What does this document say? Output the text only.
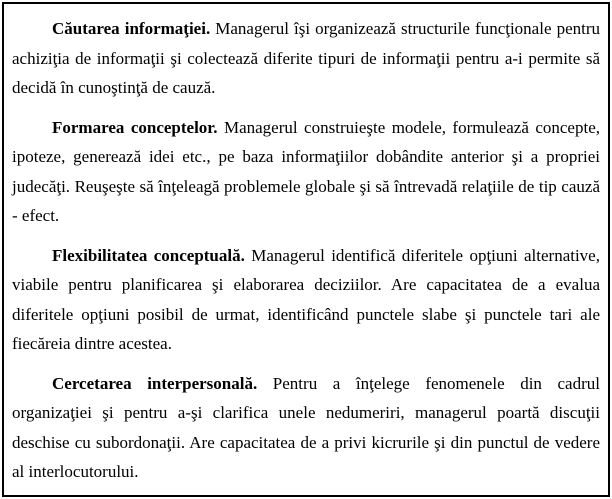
Căutarea informaţiei. Managerul îşi organizează structurile funcţionale pentru achiziţia de informaţii şi colectează diferite tipuri de informaţii pentru a-i permite să decidă în cunoştinţă de cauză.

Formarea conceptelor. Managerul construieşte modele, formulează concepte, ipoteze, generează idei etc., pe baza informaţiilor dobândite anterior şi a propriei judecăţi. Reuşeşte să înţeleagă problemele globale şi să întrevadă relaţiile de tip cauză - efect.

Flexibilitatea conceptuală. Managerul identifică diferitele opţiuni alternative, viabile pentru planificarea şi elaborarea deciziilor. Are capacitatea de a evalua diferitele opţiuni posibil de urmat, identificând punctele slabe şi punctele tari ale fiecăreia dintre acestea.

Cercetarea interpersonală. Pentru a înţelege fenomenele din cadrul organizaţiei şi pentru a-şi clarifica unele nedumeriri, managerul poartă discuţii deschise cu subordonaţii. Are capacitatea de a privi kicrurile şi din punctul de vedere al interlocutorului.
